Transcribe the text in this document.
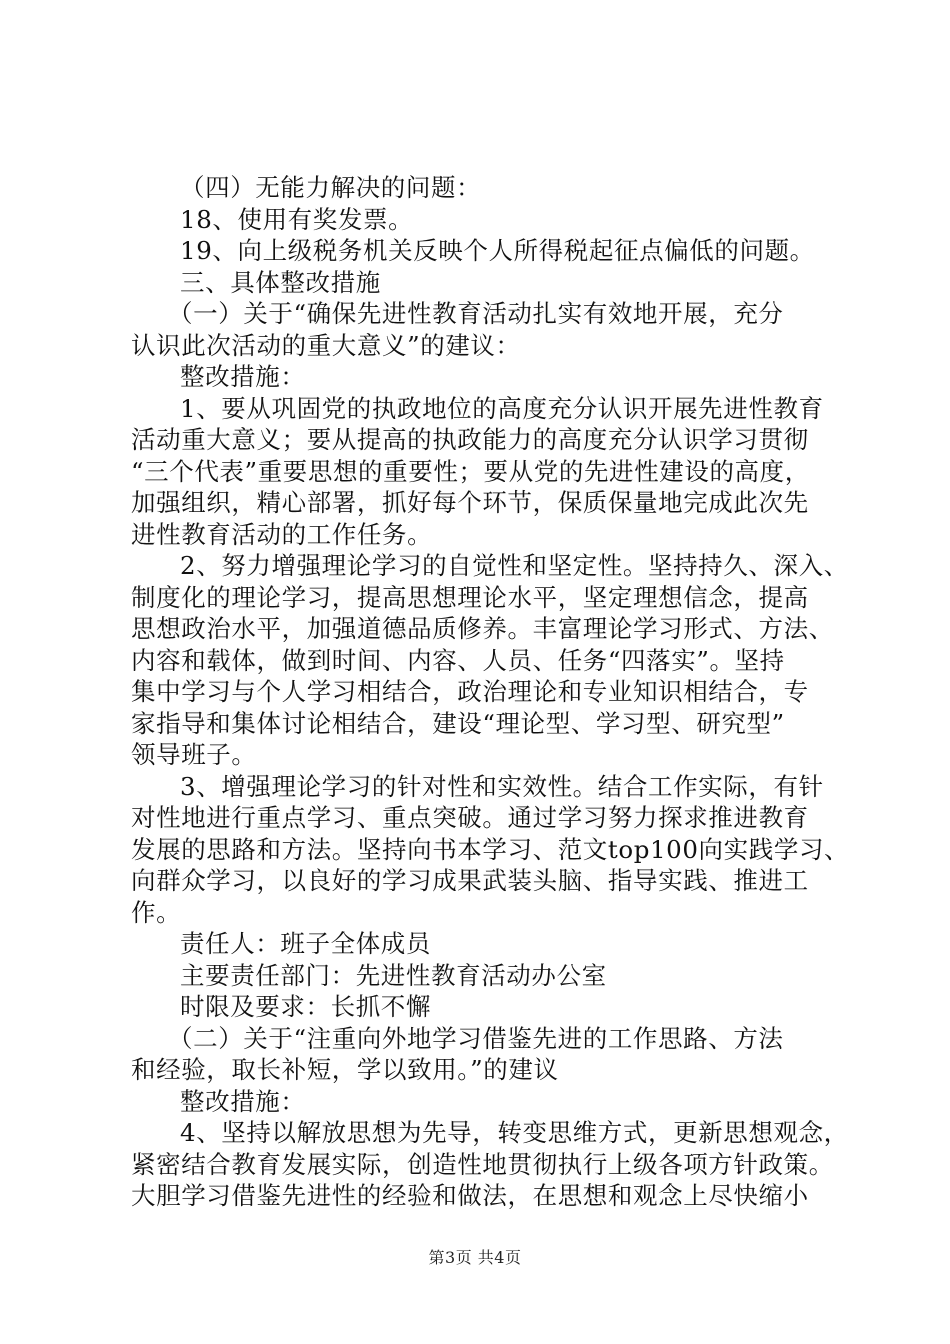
（四）无能力解决的问题：
18、使用有奖发票。
19、向上级税务机关反映个人所得税起征点偏低的问题。
三、具体整改措施
（一）关于“确保先进性教育活动扎实有效地开展，充分
认识此次活动的重大意义”的建议：
整改措施：
1、要从巩固党的执政地位的高度充分认识开展先进性教育
活动重大意义；要从提高的执政能力的高度充分认识学习贯彻
“三个代表”重要思想的重要性；要从党的先进性建设的高度，
加强组织，精心部署，抓好每个环节，保质保量地完成此次先
进性教育活动的工作任务。
2、努力增强理论学习的自觉性和坚定性。坚持持久、深入、
制度化的理论学习，提高思想理论水平，坚定理想信念，提高
思想政治水平，加强道德品质修养。丰富理论学习形式、方法、
内容和载体，做到时间、内容、人员、任务“四落实”。坚持
集中学习与个人学习相结合，政治理论和专业知识相结合，专
家指导和集体讨论相结合，建设“理论型、学习型、研究型”
领导班子。
3、增强理论学习的针对性和实效性。结合工作实际，有针
对性地进行重点学习、重点突破。通过学习努力探求推进教育
发展的思路和方法。坚持向书本学习、范文top100向实践学习、
向群众学习，以良好的学习成果武装头脑、指导实践、推进工
作。
责任人：班子全体成员
主要责任部门：先进性教育活动办公室
时限及要求：长抓不懈
（二）关于“注重向外地学习借鉴先进的工作思路、方法
和经验，取长补短，学以致用。”的建议
整改措施：
4、坚持以解放思想为先导，转变思维方式，更新思想观念，
紧密结合教育发展实际，创造性地贯彻执行上级各项方针政策。
大胆学习借鉴先进性的经验和做法，在思想和观念上尽快缩小
第3页 共4页
